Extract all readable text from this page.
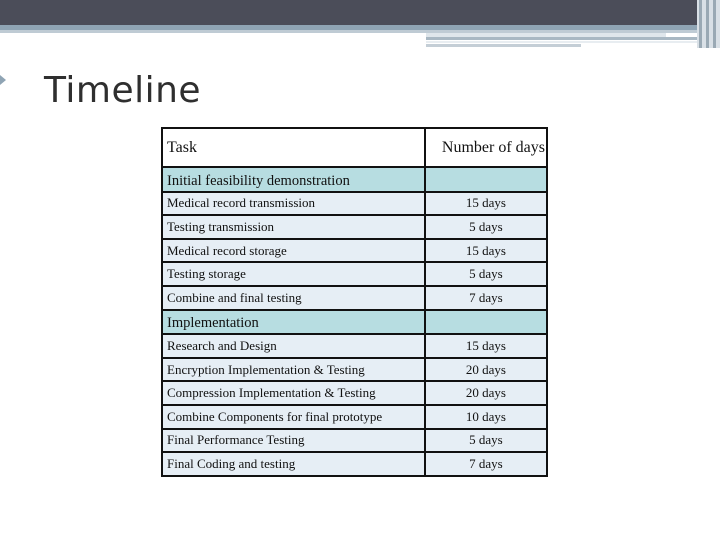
Timeline
Task	Number of days
Initial feasibility demonstration	
Medical record transmission	15 days
Testing transmission	5 days
Medical record storage	15 days
Testing storage	5 days
Combine and final testing	7 days
Implementation	
Research and Design	15 days
Encryption Implementation & Testing	20 days
Compression Implementation & Testing	20 days
Combine Components for final prototype	10 days
Final Performance Testing	5 days
Final Coding and testing	7 days
